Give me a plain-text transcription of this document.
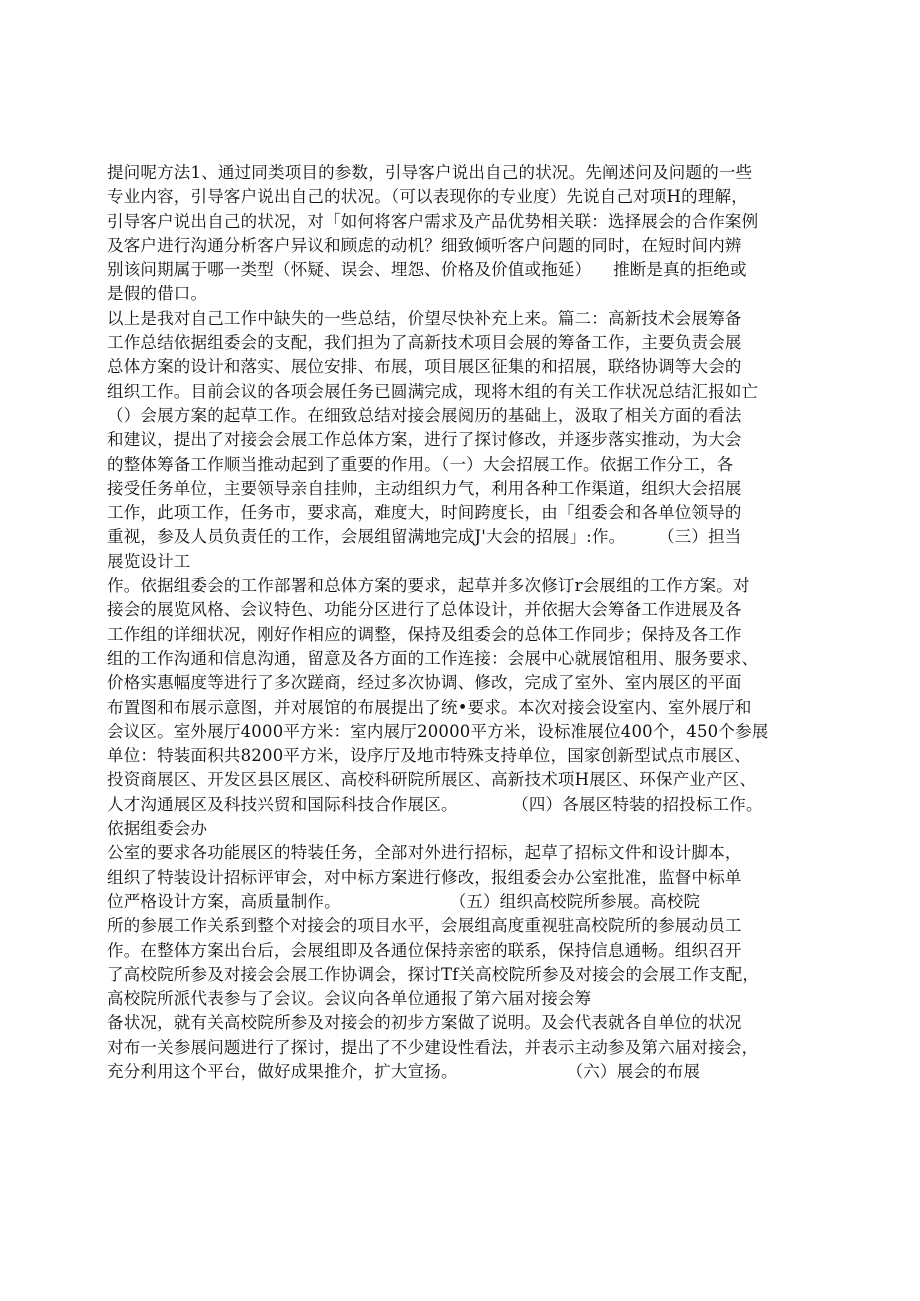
提问呢方法1、通过同类项目的参数，引导客户说出自己的状况。先阐述问及问题的一些
专业内容，引导客户说出自己的状况。（可以表现你的专业度）先说自己对项H的理解，
引导客户说出自己的状况，对「如何将客户需求及产品优势相关联：选择展会的合作案例
及客户进行沟通分析客户异议和顾虑的动机？细致倾听客户问题的同时，在短时间内辨
别该问期属于哪一类型（怀疑、误会、埋怨、价格及价值或拖延）    推断是真的拒绝或
是假的借口。
以上是我对自己工作中缺失的一些总结，价望尽快补充上来。篇二：高新技术会展筹备
工作总结依据组委会的支配，我们担为了高新技术项目会展的筹备工作，主要负责会展
总体方案的设计和落实、展位安排、布展，项目展区征集的和招展，联络协调等大会的
组织工作。目前会议的各项会展任务已圆满完成，现将木组的有关工作状况总结汇报如亡
（）会展方案的起草工作。在细致总结对接会展阅历的基础上，汲取了相关方面的看法
和建议，提出了对接会会展工作总体方案，进行了探讨修改，并逐步落实推动，为大会
的整体筹备工作顺当推动起到了重要的作用。（一）大会招展工作。依据工作分工，各
接受任务单位，主要领导亲自挂帅，主动组织力气，利用各种工作渠道，组织大会招展
工作，此项工作，任务市，要求高，难度大，时间跨度长，由「组委会和各单位领导的
重视，参及人员负责任的工作，会展组留满地完成J'大会的招展」:作。      （三）担当
展览设计工
作。依据组委会的工作部署和总体方案的要求，起草并多次修订r会展组的工作方案。对
接会的展览风格、会议特色、功能分区进行了总体设计，并依据大会筹备工作进展及各
工作组的详细状况，刚好作相应的调整，保持及组委会的总体工作同步；保持及各工作
组的工作沟通和信息沟通，留意及各方面的工作连接：会展中心就展馆租用、服务要求、
价格实惠幅度等进行了多次蹉商，经过多次协调、修改，完成了室外、室内展区的平面
布置图和布展示意图，并对展馆的布展提出了统•要求。本次对接会设室内、室外展厅和
会议区。室外展厅4000平方米：室内展厅20000平方米，设标准展位400个，450个参展
单位：特装面积共8200平方米，设序厅及地市特殊支持单位，国家创新型试点市展区、
投资商展区、开发区县区展区、高校科研院所展区、高新技术项H展区、环保产业产区、
人才沟通展区及科技兴贸和国际科技合作展区。          （四）各展区特装的招投标工作。
依据组委会办
公室的要求各功能展区的特装任务，全部对外进行招标，起草了招标文件和设计脚本，
组织了特装设计招标评审会，对中标方案进行修改，报组委会办公室批准，监督中标单
位严格设计方案，高质量制作。                    （五）组织高校院所参展。高校院
所的参展工作关系到整个对接会的项目水平，会展组高度重视驻高校院所的参展动员工
作。在整体方案出台后，会展组即及各通位保持亲密的联系，保持信息通畅。组织召开
了高校院所参及对接会会展工作协调会，探讨Tf关高校院所参及对接会的会展工作支配，
高校院所派代表参与了会议。会议向各单位通报了第六届对接会筹
备状况，就有关高校院所参及对接会的初步方案做了说明。及会代表就各自单位的状况
对布一关参展问题进行了探讨，提出了不少建设性看法，并表示主动参及第六届对接会，
充分利用这个平台，做好成果推介，扩大宣扬。                    （六）展会的布展
